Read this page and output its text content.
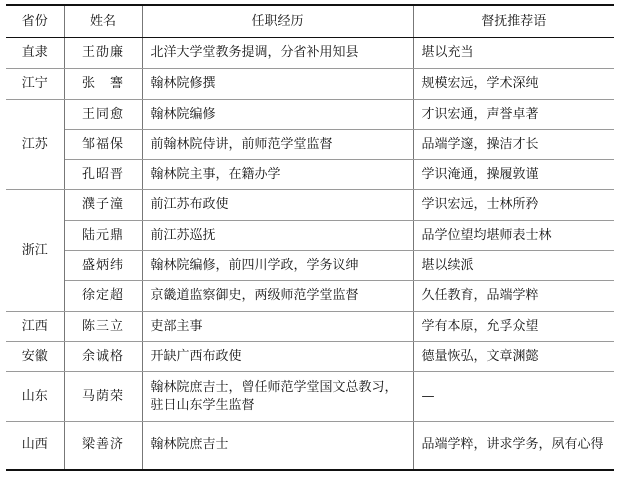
省份	姓名	任职经历	督抚推荐语
直隶	王劭廉	北洋大学堂教务提调，分省补用知县	堪以充当
江宁	张　謇	翰林院修撰	规模宏远，学术深纯
江苏	王同愈	翰林院编修	才识宏通，声誉卓著
	邹福保	前翰林院侍讲，前师范学堂监督	品端学邃，操洁才长
	孔昭晋	翰林院主事，在籍办学	学识淹通，操履敦谨
浙江	濮子潼	前江苏布政使	学识宏远，士林所矜
	陆元鼎	前江苏巡抚	品学位望均堪师表士林
	盛炳纬	翰林院编修，前四川学政，学务议绅	堪以续派
	徐定超	京畿道监察御史，两级师范学堂监督	久任教育，品端学粹
江西	陈三立	吏部主事	学有本原，允孚众望
安徽	余诚格	开缺广西布政使	德量恢弘，文章渊懿
山东	马荫荣	翰林院庶吉士，曾任师范学堂国文总教习，驻日山东学生监督	—
山西	梁善济	翰林院庶吉士	品端学粹，讲求学务，夙有心得
